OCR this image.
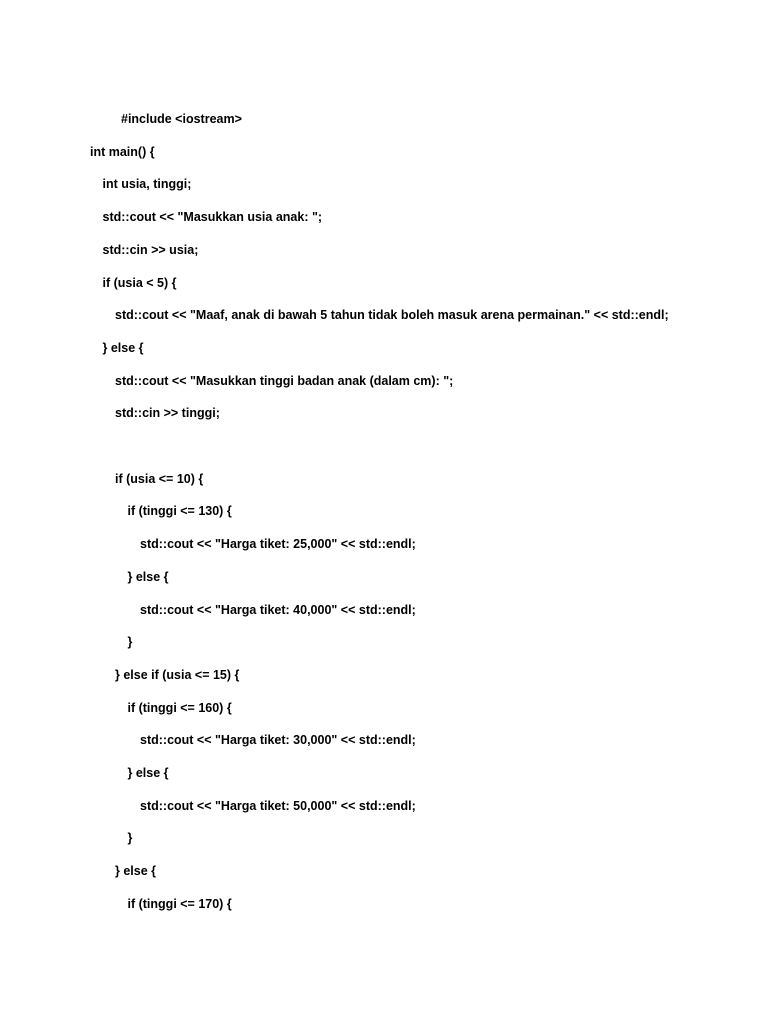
#include <iostream>
int main() {
int usia, tinggi;
std::cout << "Masukkan usia anak: ";
std::cin >> usia;
if (usia < 5) {
std::cout << "Maaf, anak di bawah 5 tahun tidak boleh masuk arena permainan." << std::endl;
} else {
std::cout << "Masukkan tinggi badan anak (dalam cm): ";
std::cin >> tinggi;
if (usia <= 10) {
if (tinggi <= 130) {
std::cout << "Harga tiket: 25,000" << std::endl;
} else {
std::cout << "Harga tiket: 40,000" << std::endl;
}
} else if (usia <= 15) {
if (tinggi <= 160) {
std::cout << "Harga tiket: 30,000" << std::endl;
} else {
std::cout << "Harga tiket: 50,000" << std::endl;
}
} else {
if (tinggi <= 170) {
